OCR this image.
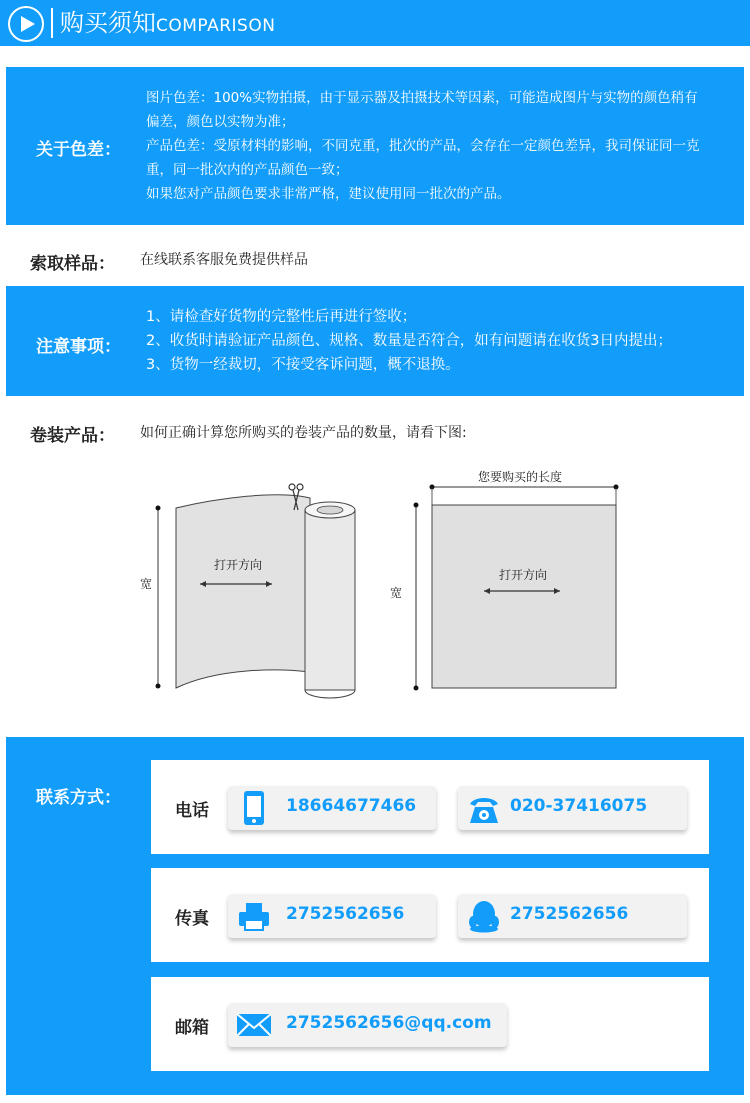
购买须知COMPARISON
关于色差：
图片色差：100%实物拍摄，由于显示器及拍摄技术等因素，可能造成图片与实物的颜色稍有
偏差，颜色以实物为准；
产品色差：受原材料的影响，不同克重，批次的产品，会存在一定颜色差异，我司保证同一克
重，同一批次内的产品颜色一致；
如果您对产品颜色要求非常严格，建议使用同一批次的产品。
索取样品： 在线联系客服免费提供样品
注意事项：
1、请检查好货物的完整性后再进行签收；
2、收货时请验证产品颜色、规格、数量是否符合，如有问题请在收货3日内提出；
3、货物一经裁切，不接受客诉问题，概不退换。
卷装产品： 如何正确计算您所购买的卷装产品的数量，请看下图:
宽
打开方向
您要购买的长度
宽
打开方向
联系方式：
电话	18664677466	020-37416075
传真	2752562656	2752562656
邮箱	2752562656@qq.com
